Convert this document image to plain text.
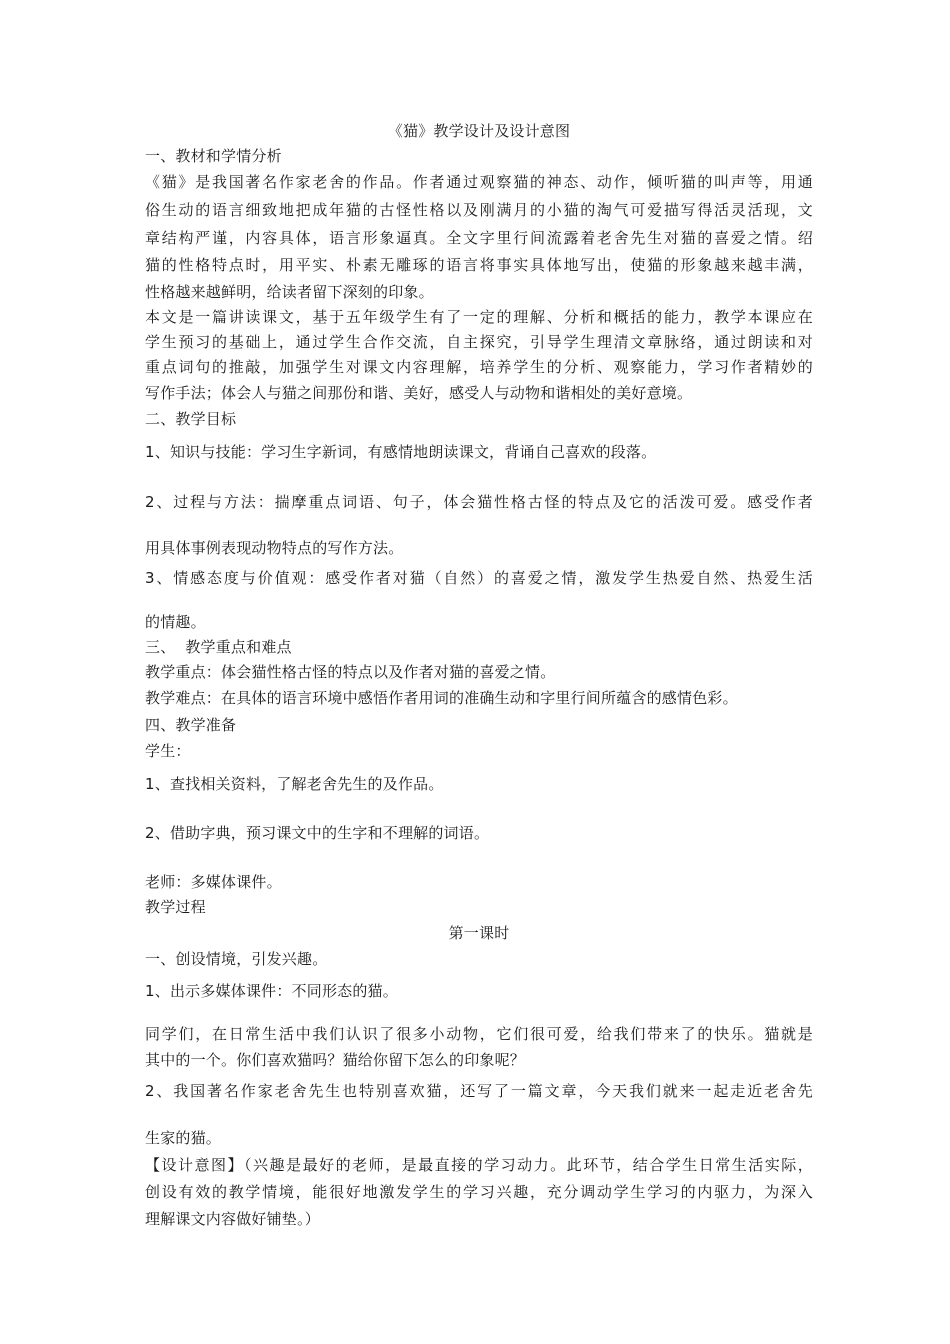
《猫》教学设计及设计意图
一、教材和学情分析
《猫》是我国著名作家老舍的作品。作者通过观察猫的神态、动作，倾听猫的叫声等，用通
俗生动的语言细致地把成年猫的古怪性格以及刚满月的小猫的淘气可爱描写得活灵活现，文
章结构严谨，内容具体，语言形象逼真。全文字里行间流露着老舍先生对猫的喜爱之情。绍
猫的性格特点时，用平实、朴素无雕琢的语言将事实具体地写出，使猫的形象越来越丰满，
性格越来越鲜明，给读者留下深刻的印象。
本文是一篇讲读课文，基于五年级学生有了一定的理解、分析和概括的能力，教学本课应在
学生预习的基础上，通过学生合作交流，自主探究，引导学生理清文章脉络，通过朗读和对
重点词句的推敲，加强学生对课文内容理解，培养学生的分析、观察能力，学习作者精妙的
写作手法；体会人与猫之间那份和谐、美好，感受人与动物和谐相处的美好意境。
二、教学目标
1、知识与技能：学习生字新词，有感情地朗读课文，背诵自己喜欢的段落。
2、过程与方法：揣摩重点词语、句子，体会猫性格古怪的特点及它的活泼可爱。感受作者
用具体事例表现动物特点的写作方法。
3、情感态度与价值观：感受作者对猫（自然）的喜爱之情，激发学生热爱自然、热爱生活
的情趣。
三、  教学重点和难点
教学重点：体会猫性格古怪的特点以及作者对猫的喜爱之情。
教学难点：在具体的语言环境中感悟作者用词的准确生动和字里行间所蕴含的感情色彩。
四、教学准备
学生：
1、查找相关资料，了解老舍先生的及作品。
2、借助字典，预习课文中的生字和不理解的词语。
老师：多媒体课件。
教学过程
第一课时
一、创设情境，引发兴趣。
1、出示多媒体课件：不同形态的猫。
同学们，在日常生活中我们认识了很多小动物，它们很可爱，给我们带来了的快乐。猫就是
其中的一个。你们喜欢猫吗？猫给你留下怎么的印象呢？
2、我国著名作家老舍先生也特别喜欢猫，还写了一篇文章，今天我们就来一起走近老舍先
生家的猫。
【设计意图】（兴趣是最好的老师，是最直接的学习动力。此环节，结合学生日常生活实际，
创设有效的教学情境，能很好地激发学生的学习兴趣，充分调动学生学习的内驱力，为深入
理解课文内容做好铺垫。）
